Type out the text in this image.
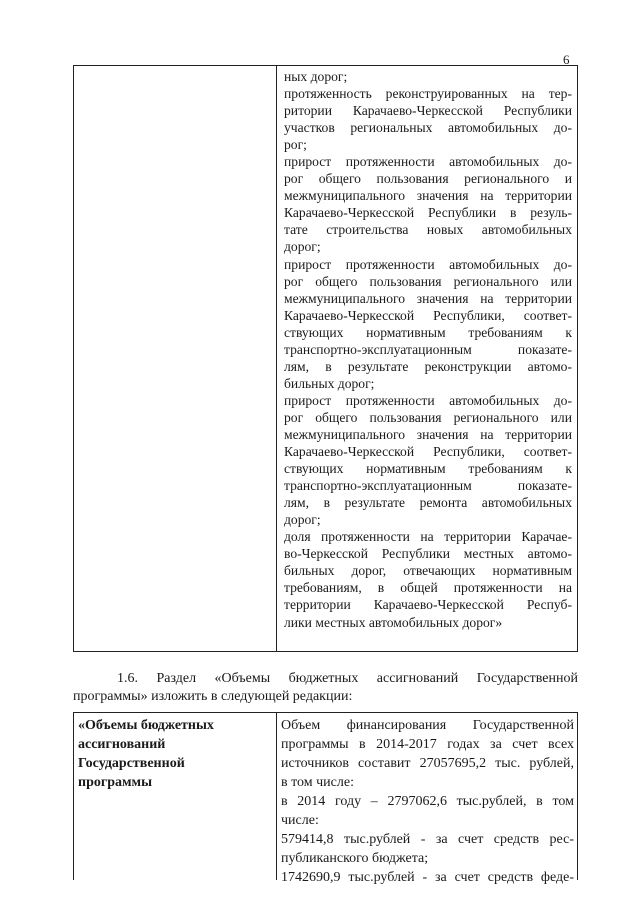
6
ных дорог;
протяженность реконструированных на тер-
ритории Карачаево-Черкесской Республики
участков региональных автомобильных до-
рог;
прирост протяженности автомобильных до-
рог общего пользования регионального и
межмуниципального значения на территории
Карачаево-Черкесской Республики в резуль-
тате строительства новых автомобильных
дорог;
прирост протяженности автомобильных до-
рог общего пользования регионального или
межмуниципального значения на территории
Карачаево-Черкесской Республики, соответ-
ствующих нормативным требованиям к
транспортно-эксплуатационным показате-
лям, в результате реконструкции автомо-
бильных дорог;
прирост протяженности автомобильных до-
рог общего пользования регионального или
межмуниципального значения на территории
Карачаево-Черкесской Республики, соответ-
ствующих нормативным требованиям к
транспортно-эксплуатационным показате-
лям, в результате ремонта автомобильных
дорог;
доля протяженности на территории Карачае-
во-Черкесской Республики местных автомо-
бильных дорог, отвечающих нормативным
требованиям, в общей протяженности на
территории Карачаево-Черкесской Респуб-
лики местных автомобильных дорог»
1.6. Раздел «Объемы бюджетных ассигнований Государственной
программы» изложить в следующей редакции:
«Объемы бюджетных
ассигнований
Государственной
программы
Объем финансирования Государственной
программы в 2014-2017 годах за счет всех
источников составит 27057695,2 тыс. рублей,
в том числе:
в 2014 году – 2797062,6 тыс.рублей, в том
числе:
579414,8 тыс.рублей - за счет средств рес-
публиканского бюджета;
1742690,9 тыс.рублей - за счет средств феде-
